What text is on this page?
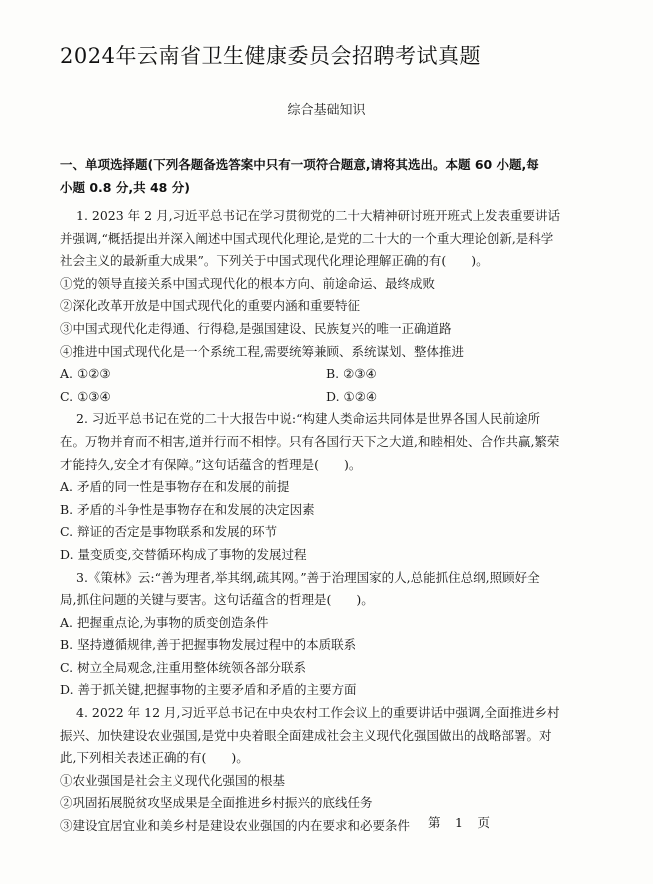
2024年云南省卫生健康委员会招聘考试真题
综合基础知识
一、单项选择题(下列各题备选答案中只有一项符合题意,请将其选出。本题 60 小题,每
小题 0.8 分,共 48 分)
1. 2023 年 2 月,习近平总书记在学习贯彻党的二十大精神研讨班开班式上发表重要讲话
并强调,“概括提出并深入阐述中国式现代化理论,是党的二十大的一个重大理论创新,是科学
社会主义的最新重大成果”。下列关于中国式现代化理论理解正确的有(　　)。
①党的领导直接关系中国式现代化的根本方向、前途命运、最终成败
②深化改革开放是中国式现代化的重要内涵和重要特征
③中国式现代化走得通、行得稳,是强国建设、民族复兴的唯一正确道路
④推进中国式现代化是一个系统工程,需要统筹兼顾、系统谋划、整体推进
A. ①②③	B. ②③④
C. ①③④	D. ①②④
2. 习近平总书记在党的二十大报告中说:“构建人类命运共同体是世界各国人民前途所
在。万物并育而不相害,道并行而不相悖。只有各国行天下之大道,和睦相处、合作共赢,繁荣
才能持久,安全才有保障。”这句话蕴含的哲理是(　　)。
A. 矛盾的同一性是事物存在和发展的前提
B. 矛盾的斗争性是事物存在和发展的决定因素
C. 辩证的否定是事物联系和发展的环节
D. 量变质变,交替循环构成了事物的发展过程
3.《策林》云:“善为理者,举其纲,疏其网。”善于治理国家的人,总能抓住总纲,照顾好全
局,抓住问题的关键与要害。这句话蕴含的哲理是(　　)。
A. 把握重点论,为事物的质变创造条件
B. 坚持遵循规律,善于把握事物发展过程中的本质联系
C. 树立全局观念,注重用整体统领各部分联系
D. 善于抓关键,把握事物的主要矛盾和矛盾的主要方面
4. 2022 年 12 月,习近平总书记在中央农村工作会议上的重要讲话中强调,全面推进乡村
振兴、加快建设农业强国,是党中央着眼全面建成社会主义现代化强国做出的战略部署。对
此,下列相关表述正确的有(　　)。
①农业强国是社会主义现代化强国的根基
②巩固拓展脱贫攻坚成果是全面推进乡村振兴的底线任务
③建设宜居宜业和美乡村是建设农业强国的内在要求和必要条件	第　1　页
